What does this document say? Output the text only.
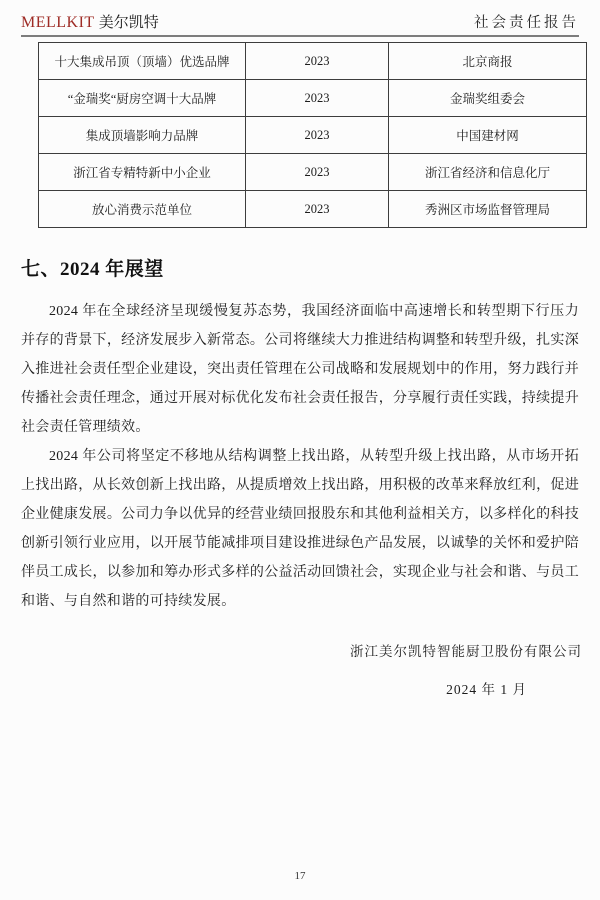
MELLKIT 美尔凯特	社会责任报告
十大集成吊顶（顶墙）优选品牌	2023	北京商报
“金瑞奖“厨房空调十大品牌	2023	金瑞奖组委会
集成顶墙影响力品牌	2023	中国建材网
浙江省专精特新中小企业	2023	浙江省经济和信息化厅
放心消费示范单位	2023	秀洲区市场监督管理局
七、2024 年展望

2024 年在全球经济呈现缓慢复苏态势，我国经济面临中高速增长和转型期下行压力并存的背景下，经济发展步入新常态。公司将继续大力推进结构调整和转型升级，扎实深入推进社会责任型企业建设，突出责任管理在公司战略和发展规划中的作用，努力践行并传播社会责任理念，通过开展对标优化发布社会责任报告，分享履行责任实践，持续提升社会责任管理绩效。

2024 年公司将坚定不移地从结构调整上找出路，从转型升级上找出路，从市场开拓上找出路，从长效创新上找出路，从提质增效上找出路，用积极的改革来释放红利，促进企业健康发展。公司力争以优异的经营业绩回报股东和其他利益相关方，以多样化的科技创新引领行业应用，以开展节能减排项目建设推进绿色产品发展，以诚挚的关怀和爱护陪伴员工成长，以参加和筹办形式多样的公益活动回馈社会，实现企业与社会和谐、与员工和谐、与自然和谐的可持续发展。

浙江美尔凯特智能厨卫股份有限公司
2024 年 1 月
17
